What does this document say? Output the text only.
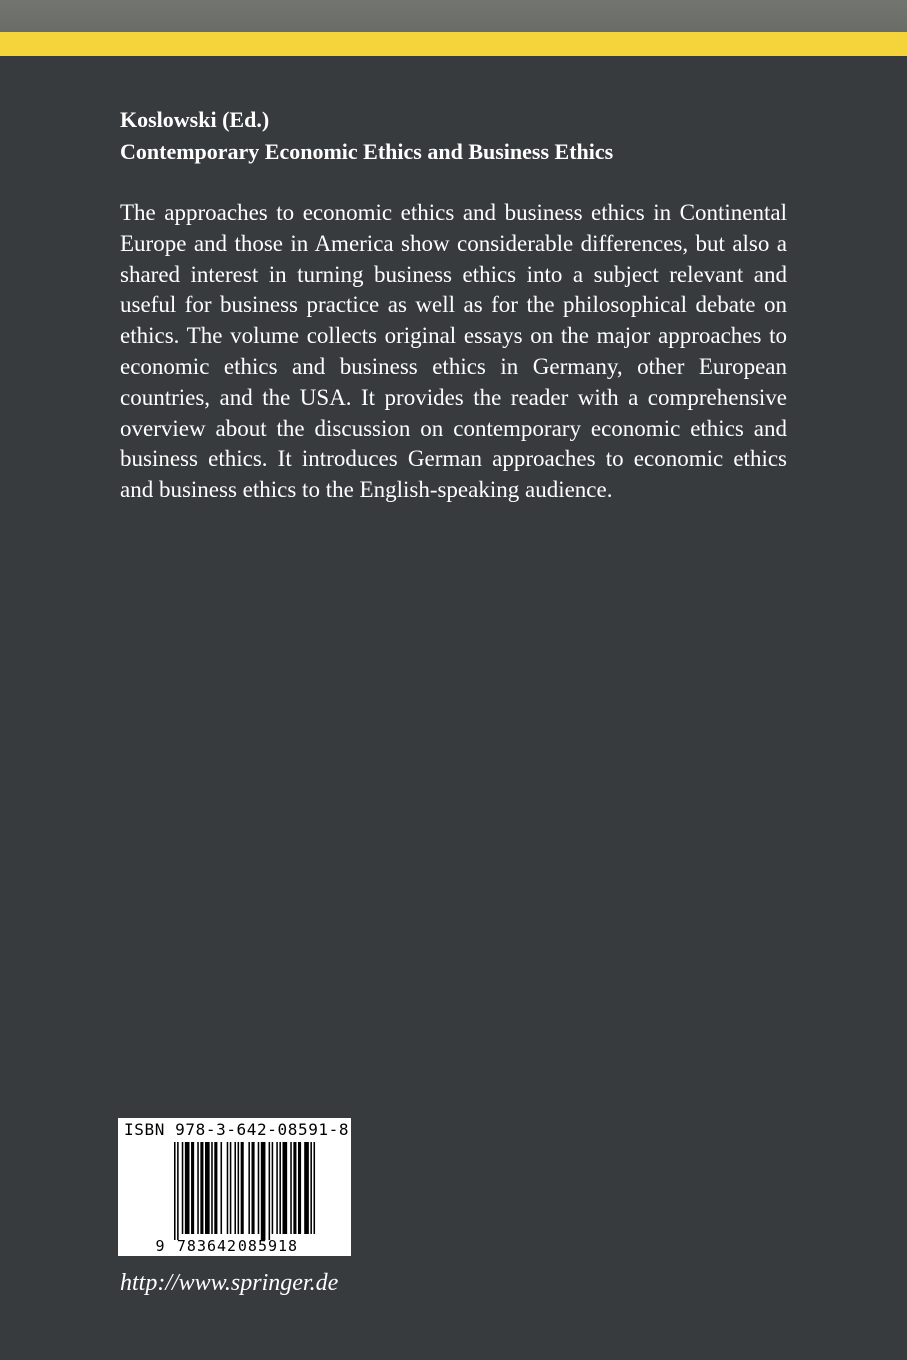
Koslowski (Ed.)

Contemporary Economic Ethics and Business Ethics

The approaches to economic ethics and business ethics in Continental Europe and those in America show considerable differences, but also a shared interest in turning business ethics into a subject relevant and useful for business practice as well as for the philosophical debate on ethics. The volume collects original essays on the major approaches to economic ethics and business ethics in Germany, other European countries, and the USA. It provides the reader with a comprehensive overview about the discussion on contemporary economic ethics and business ethics. It introduces German approaches to economic ethics and business ethics to the English-speaking audience.

9 783642 085918
ISBN 978-3-642-08591-8

http://www.springer.de
